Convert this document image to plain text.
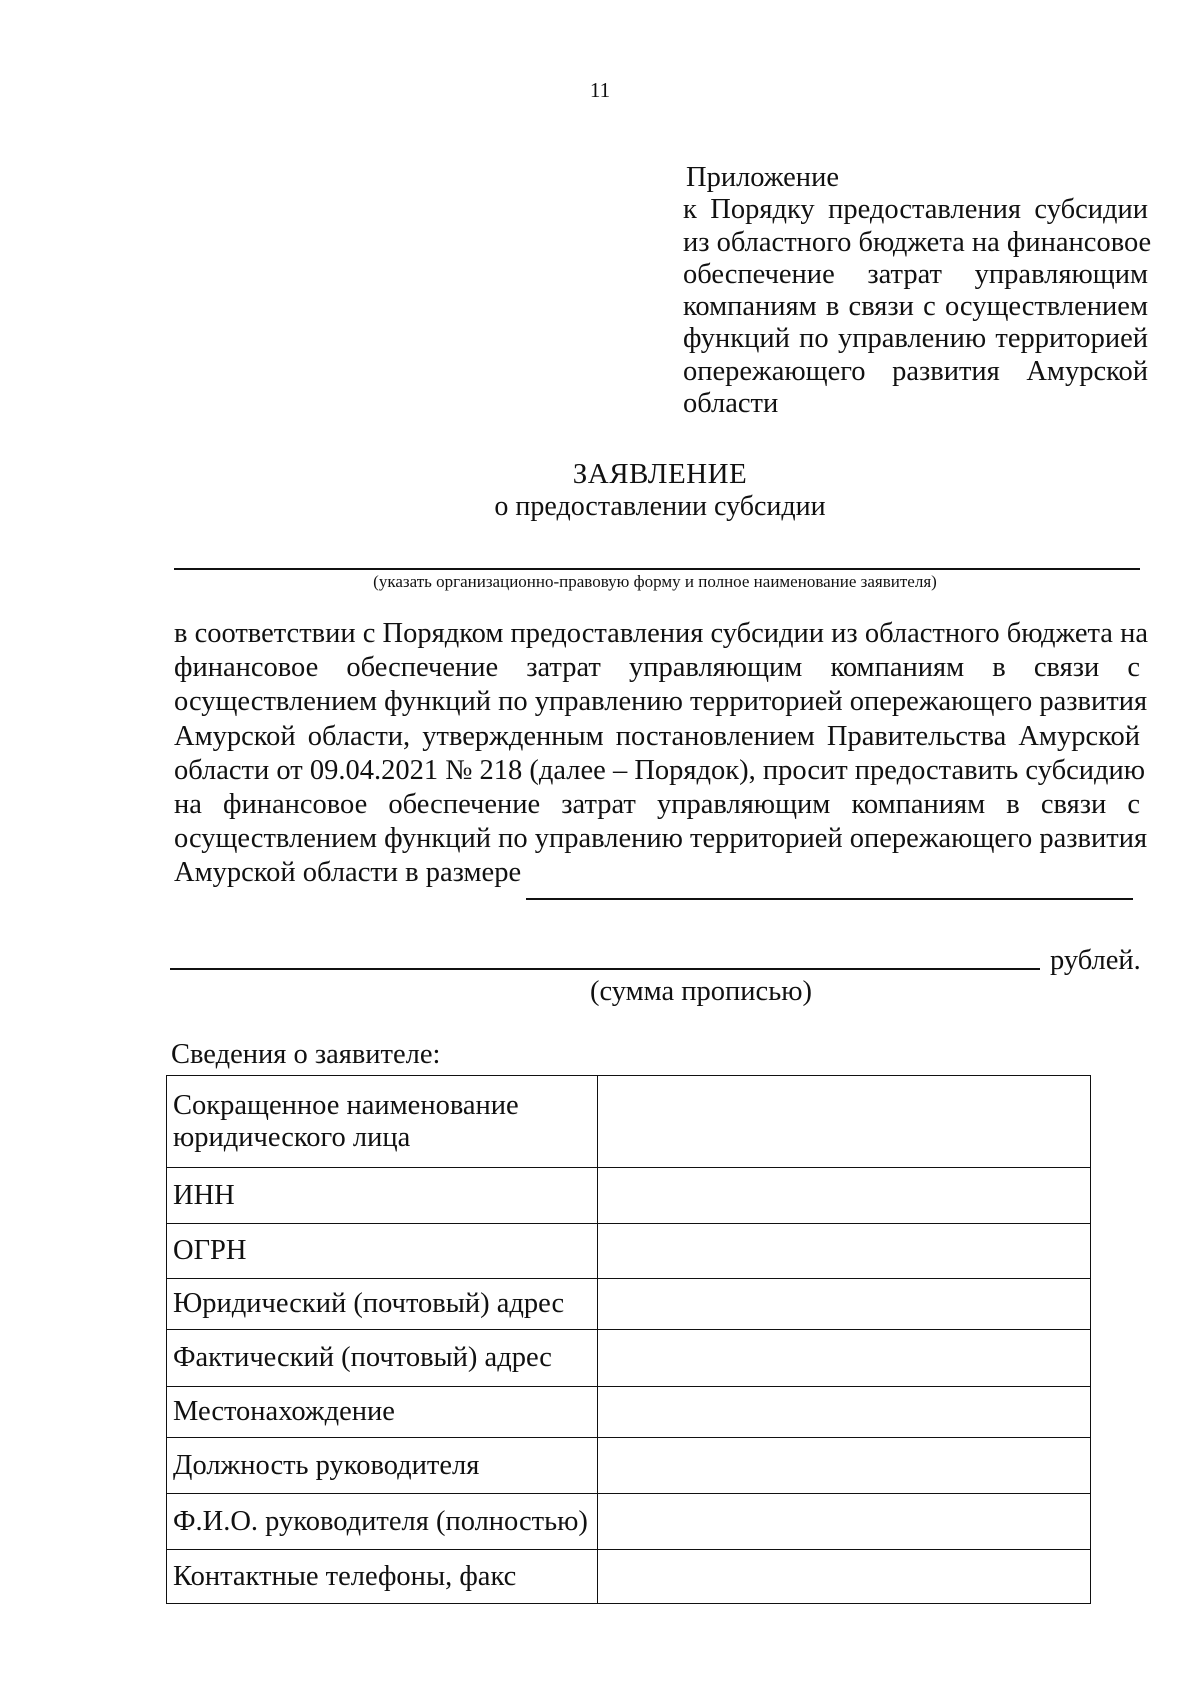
11
Приложение
к Порядку предоставления субсидии
из областного бюджета на финансовое
обеспечение затрат управляющим
компаниям в связи с осуществлением
функций по управлению территорией
опережающего развития Амурской
области
ЗАЯВЛЕНИЕ
о предоставлении субсидии
(указать организационно-правовую форму и полное наименование заявителя)
в соответствии с Порядком предоставления субсидии из областного бюджета на
финансовое обеспечение затрат управляющим компаниям в связи с
осуществлением функций по управлению территорией опережающего развития
Амурской области, утвержденным постановлением Правительства Амурской
области от 09.04.2021 № 218 (далее – Порядок), просит предоставить субсидию
на финансовое обеспечение затрат управляющим компаниям в связи с
осуществлением функций по управлению территорией опережающего развития
Амурской области в размере
рублей.
(сумма прописью)
Сведения о заявителе:
Сокращенное наименование юридического лица	
ИНН	
ОГРН	
Юридический (почтовый) адрес	
Фактический (почтовый) адрес	
Местонахождение	
Должность руководителя	
Ф.И.О. руководителя (полностью)	
Контактные телефоны, факс	
